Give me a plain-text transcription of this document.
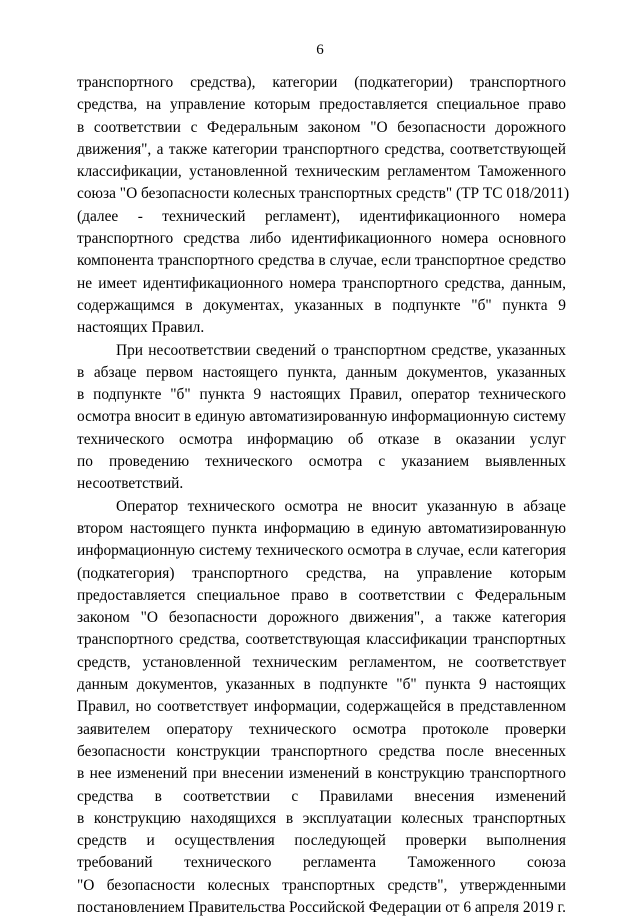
6
транспортного средства), категории (подкатегории) транспортного
средства, на управление которым предоставляется специальное право
в соответствии с Федеральным законом "О безопасности дорожного
движения", а также категории транспортного средства, соответствующей
классификации, установленной техническим регламентом Таможенного
союза "О безопасности колесных транспортных средств" (ТР ТС 018/2011)
(далее - технический регламент), идентификационного номера
транспортного средства либо идентификационного номера основного
компонента транспортного средства в случае, если транспортное средство
не имеет идентификационного номера транспортного средства, данным,
содержащимся в документах, указанных в подпункте "б" пункта 9
настоящих Правил.
При несоответствии сведений о транспортном средстве, указанных
в абзаце первом настоящего пункта, данным документов, указанных
в подпункте "б" пункта 9 настоящих Правил, оператор технического
осмотра вносит в единую автоматизированную информационную систему
технического осмотра информацию об отказе в оказании услуг
по проведению технического осмотра с указанием выявленных
несоответствий.
Оператор технического осмотра не вносит указанную в абзаце
втором настоящего пункта информацию в единую автоматизированную
информационную систему технического осмотра в случае, если категория
(подкатегория) транспортного средства, на управление которым
предоставляется специальное право в соответствии с Федеральным
законом "О безопасности дорожного движения", а также категория
транспортного средства, соответствующая классификации транспортных
средств, установленной техническим регламентом, не соответствует
данным документов, указанных в подпункте "б" пункта 9 настоящих
Правил, но соответствует информации, содержащейся в представленном
заявителем оператору технического осмотра протоколе проверки
безопасности конструкции транспортного средства после внесенных
в нее изменений при внесении изменений в конструкцию транспортного
средства в соответствии с Правилами внесения изменений
в конструкцию находящихся в эксплуатации колесных транспортных
средств и осуществления последующей проверки выполнения
требований технического регламента Таможенного союза
"О безопасности колесных транспортных средств", утвержденными
постановлением Правительства Российской Федерации от 6 апреля 2019 г.
